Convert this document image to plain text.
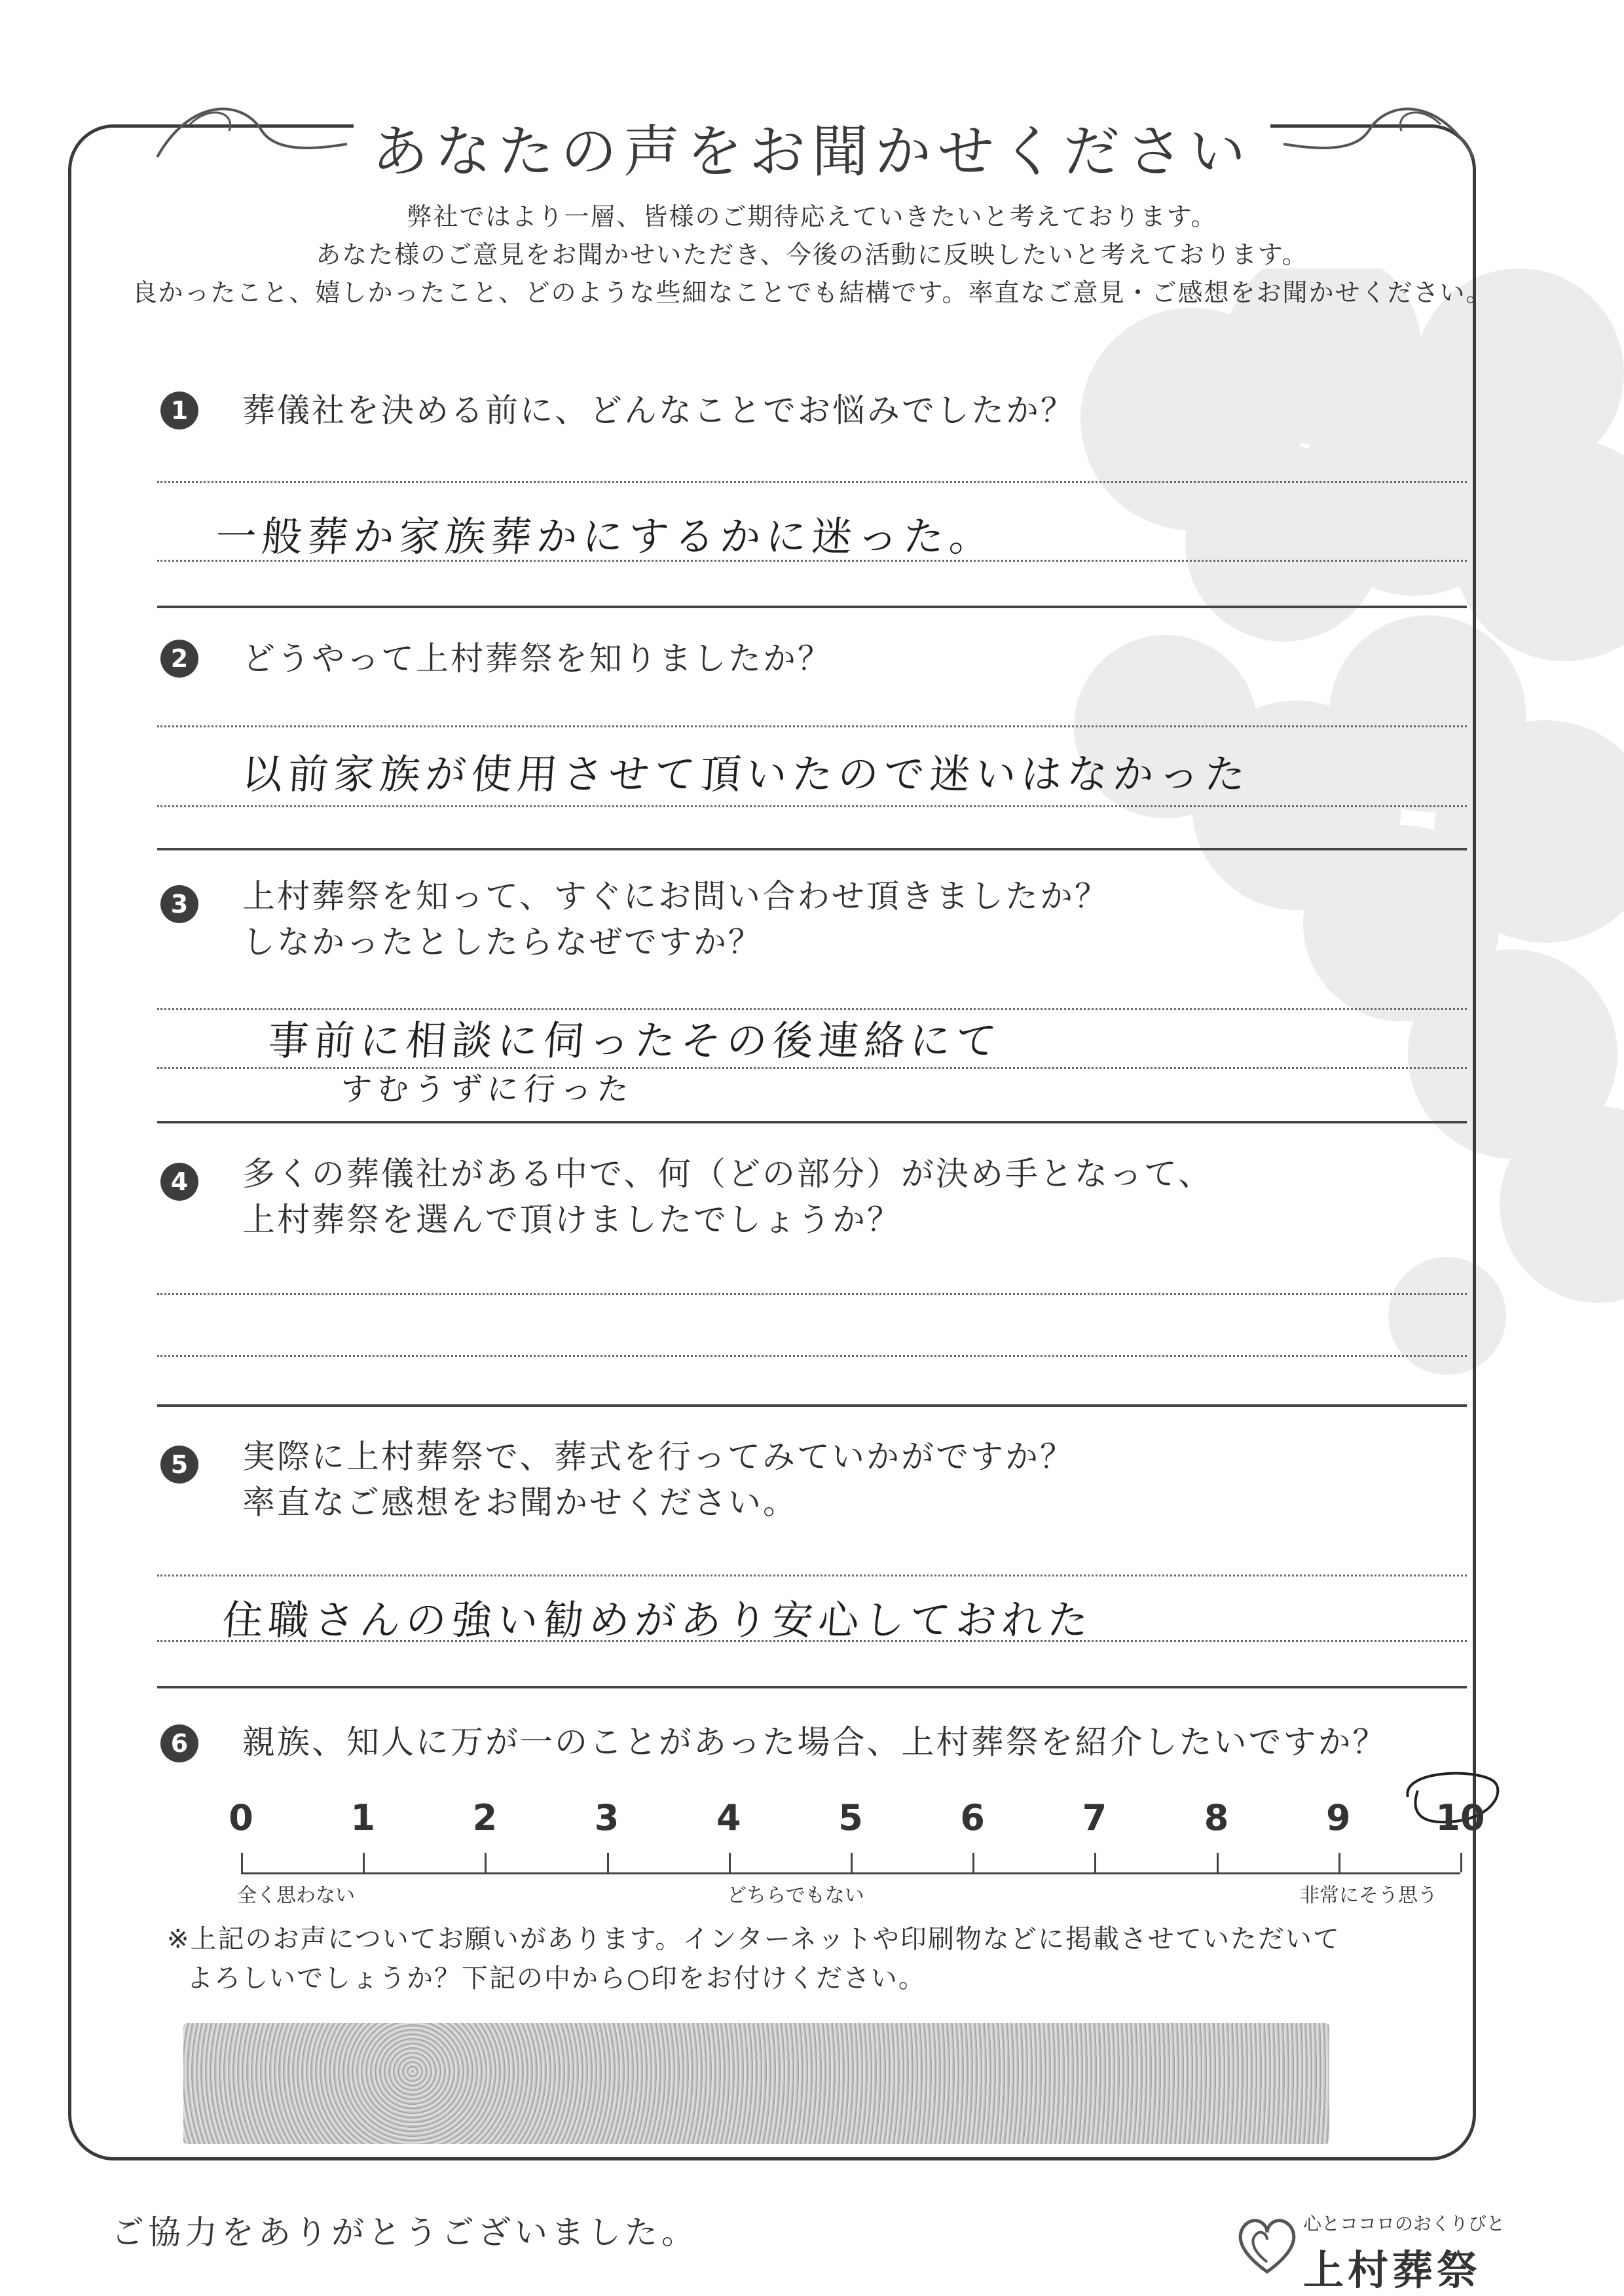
あなたの声をお聞かせください
弊社ではより一層、皆様のご期待応えていきたいと考えております。
あなた様のご意見をお聞かせいただき、今後の活動に反映したいと考えております。
良かったこと、嬉しかったこと、どのような些細なことでも結構です。率直なご意見・ご感想をお聞かせください。
1	葬儀社を決める前に、どんなことでお悩みでしたか？
一般葬か家族葬かにするかに迷った。
2	どうやって上村葬祭を知りましたか？
以前家族が使用させて頂いたので迷いはなかった
3	上村葬祭を知って、すぐにお問い合わせ頂きましたか？
しなかったとしたらなぜですか？
事前に相談に伺ったその後連絡にて
すむうずに行った
4	多くの葬儀社がある中で、何（どの部分）が決め手となって、
上村葬祭を選んで頂けましたでしょうか？
5	実際に上村葬祭で、葬式を行ってみていかがですか？
率直なご感想をお聞かせください。
住職さんの強い勧めがあり安心しておれた
6	親族、知人に万が一のことがあった場合、上村葬祭を紹介したいですか？
全く思わない	どちらでもない	非常にそう思う
※上記のお声についてお願いがあります。インターネットや印刷物などに掲載させていただいて
よろしいでしょうか？下記の中から○印をお付けください。
ご協力をありがとうございました。	心とココロのおくりびと
上村葬祭
0	1	2	3	4	5	6	7	8	9	10
